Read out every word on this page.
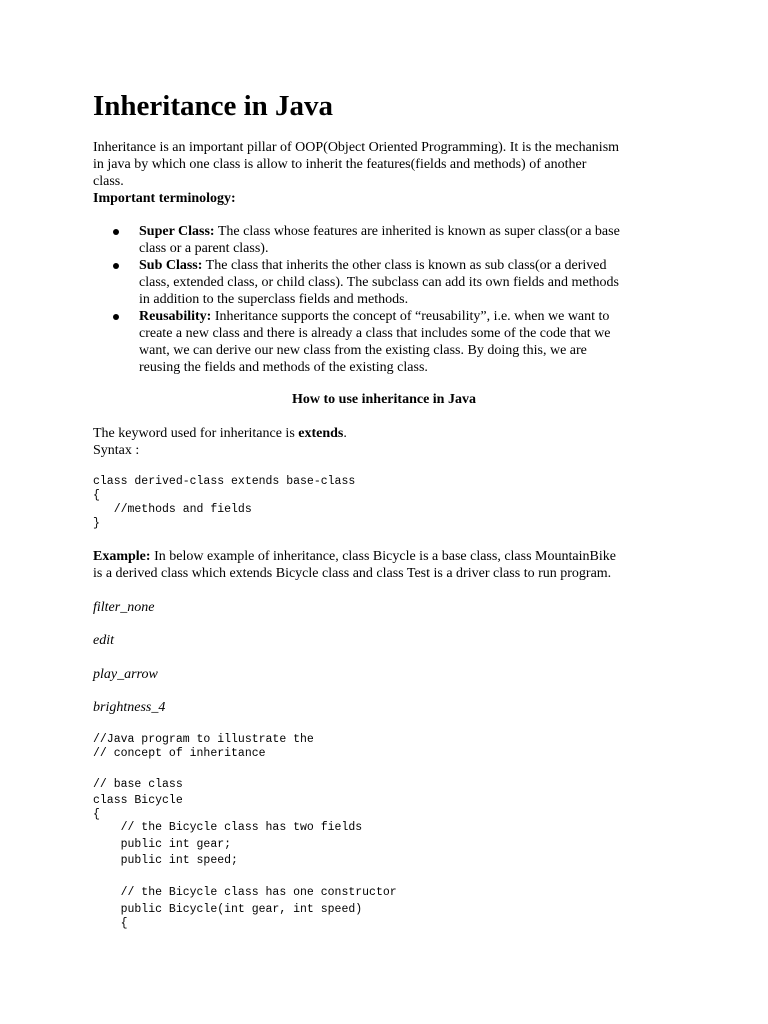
Inheritance in Java
Inheritance is an important pillar of OOP(Object Oriented Programming). It is the mechanism
in java by which one class is allow to inherit the features(fields and methods) of another
class.
Important terminology:
Super Class: The class whose features are inherited is known as super class(or a base
class or a parent class).
Sub Class: The class that inherits the other class is known as sub class(or a derived
class, extended class, or child class). The subclass can add its own fields and methods
in addition to the superclass fields and methods.
Reusability: Inheritance supports the concept of “reusability”, i.e. when we want to
create a new class and there is already a class that includes some of the code that we
want, we can derive our new class from the existing class. By doing this, we are
reusing the fields and methods of the existing class.
How to use inheritance in Java
The keyword used for inheritance is extends.
Syntax :
class derived-class extends base-class
{
//methods and fields
}
Example: In below example of inheritance, class Bicycle is a base class, class MountainBike
is a derived class which extends Bicycle class and class Test is a driver class to run program.
filter_none
edit
play_arrow
brightness_4
//Java program to illustrate the
// concept of inheritance
// base class
class Bicycle
{
// the Bicycle class has two fields
public int gear;
public int speed;
// the Bicycle class has one constructor
public Bicycle(int gear, int speed)
{
